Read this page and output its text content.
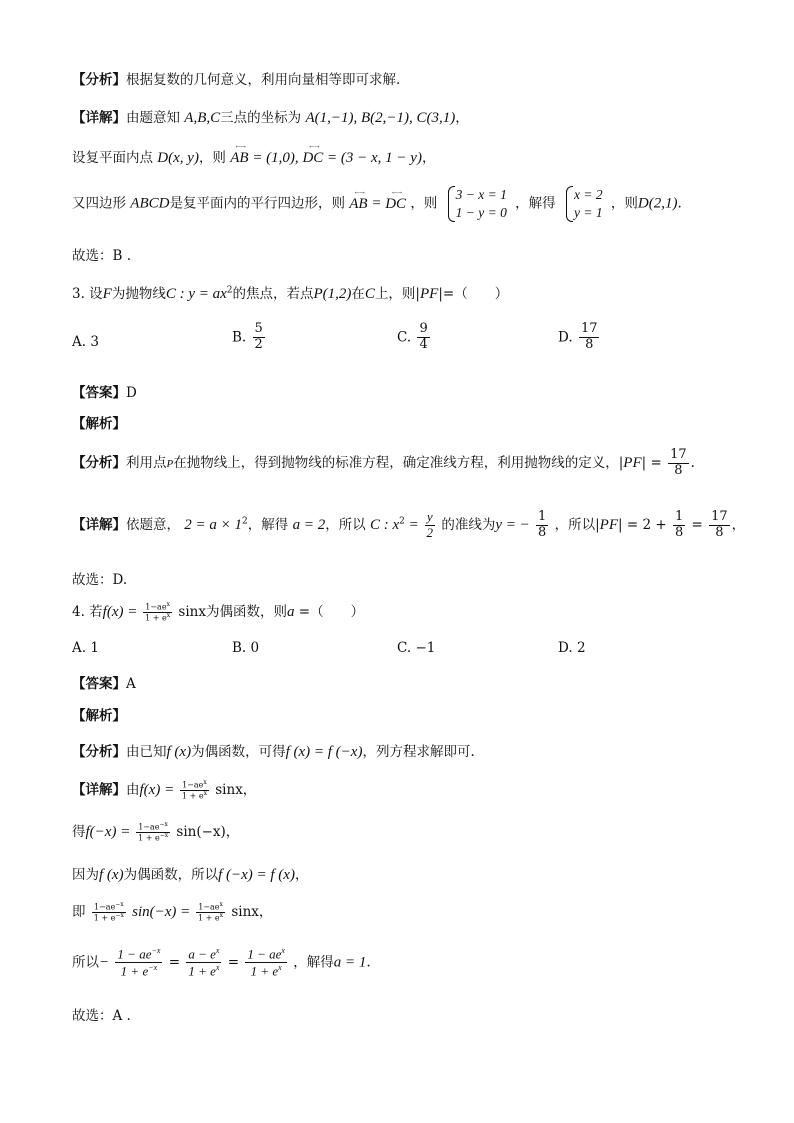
【分析】根据复数的几何意义，利用向量相等即可求解.
【详解】由题意知 A,B,C三点的坐标为 A(1,−1), B(2,−1), C(3,1)，
设复平面内点 D(x, y)，则 ←→ AB = (1,0), ←→ DC = (3 − x, 1 − y)，
又四边形 ABCD是复平面内的平行四边形，则 ←→ AB = ←→ DC ，则
3 − x = 1
1 − y = 0
，解得
x = 2
y = 1
，则D(2,1).
故选：B .
3. 设F为抛物线C : $y = ax^2$的焦点，若点P(1,2)在C上，则|PF|=（　　）
A. 3	B. $\frac{5}{2}$	C. $\frac{9}{4}$	D. $\frac{17}{8}$
【答案】D
【解析】
【分析】利用点P在抛物线上，得到抛物线的标准方程，确定准线方程，利用抛物线的定义，$|PF| = \frac{17}{8}$ .
【详解】依题意， $2 = a \times 1^2$，解得 a = 2，所以 C : $x^2 = \frac{y}{2}$ 的准线为y = − $\frac{1}{8}$ ，所以$|PF| = 2 + \frac{1}{8} = \frac{17}{8}$ ，
故选：D.
4. 若$f(x) = \frac{1-ae^x}{1 + e^x}$ sinx为偶函数，则a =（　　）
A. 1	B. 0	C. −1	D. 2
【答案】A
【解析】
【分析】由已知f (x)为偶函数，可得f (x) = f (−x)，列方程求解即可.
【详解】由$f(x) = \frac{1-ae^x}{1 + e^x}$ sinx，
得$f(-x) = \frac{1-ae^{-x}}{1 + e^{-x}} \sin(-x)$，
因为f (x)为偶函数，所以f (−x) = f (x)，
即 $\frac{1-ae^{-x}}{1 + e^{-x}} \sin(-x) = \frac{1-ae^x}{1 + e^x}$ sinx，
所以− $\frac{1 - ae^{-x}}{1 + e^{-x}} = \frac{a - e^x}{1 + e^x} = \frac{1 - ae^x}{1 + e^x}$ ，解得a = 1.
故选：A .
